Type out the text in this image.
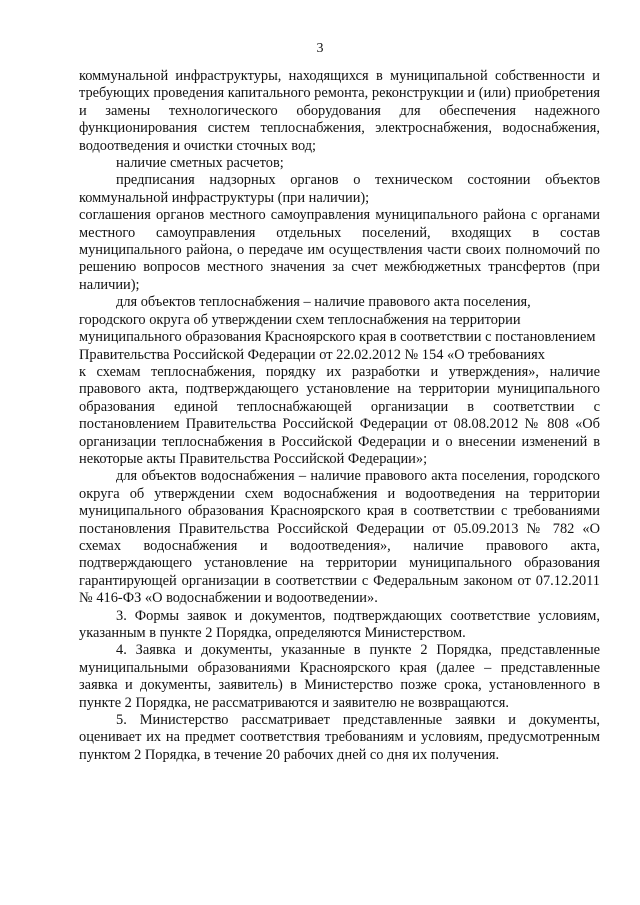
3

коммунальной инфраструктуры, находящихся в муниципальной собственности и требующих проведения капитального ремонта, реконструкции и (или) приобретения и замены технологического оборудования для обеспечения надежного функционирования систем теплоснабжения, электроснабжения, водоснабжения, водоотведения и очистки сточных вод;

наличие сметных расчетов;

предписания надзорных органов о техническом состоянии объектов коммунальной инфраструктуры (при наличии);

соглашения органов местного самоуправления муниципального района с органами местного самоуправления отдельных поселений, входящих в состав муниципального района, о передаче им осуществления части своих полномочий по решению вопросов местного значения за счет межбюджетных трансфертов (при наличии);

для объектов теплоснабжения – наличие правового акта поселения, городского округа об утверждении схем теплоснабжения на территории муниципального образования Красноярского края в соответствии с постановлением Правительства Российской Федерации от 22.02.2012 № 154 «О требованиях

к схемам теплоснабжения, порядку их разработки и утверждения», наличие правового акта, подтверждающего установление на территории муниципального образования единой теплоснабжающей организации в соответствии с постановлением Правительства Российской Федерации от 08.08.2012 № 808 «Об организации теплоснабжения в Российской Федерации и о внесении изменений в некоторые акты Правительства Российской Федерации»;

для объектов водоснабжения – наличие правового акта поселения, городского округа об утверждении схем водоснабжения и водоотведения на территории муниципального образования Красноярского края в соответствии с требованиями постановления Правительства Российской Федерации от 05.09.2013 № 782 «О схемах водоснабжения и водоотведения», наличие правового акта, подтверждающего установление на территории муниципального образования гарантирующей организации в соответствии с Федеральным законом от 07.12.2011 № 416-ФЗ «О водоснабжении и водоотведении».

3. Формы заявок и документов, подтверждающих соответствие условиям, указанным в пункте 2 Порядка, определяются Министерством.

4. Заявка и документы, указанные в пункте 2 Порядка, представленные муниципальными образованиями Красноярского края (далее – представленные заявка и документы, заявитель) в Министерство позже срока, установленного в пункте 2 Порядка, не рассматриваются и заявителю не возвращаются.

5. Министерство рассматривает представленные заявки и документы, оценивает их на предмет соответствия требованиям и условиям, предусмотренным пунктом 2 Порядка, в течение 20 рабочих дней со дня их получения.
